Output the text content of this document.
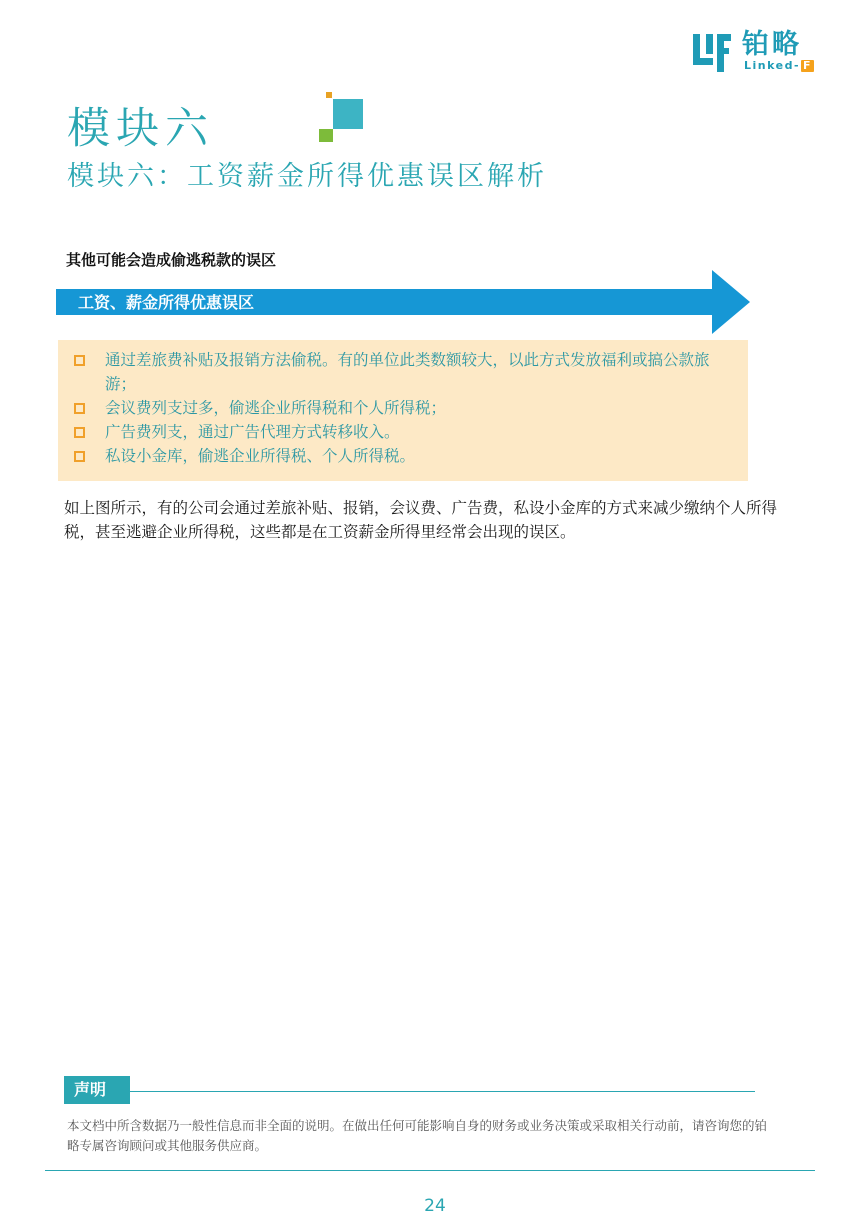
铂略
Linked- F
模块六
模块六：工资薪金所得优惠误区解析
其他可能会造成偷逃税款的误区
工资、薪金所得优惠误区
通过差旅费补贴及报销方法偷税。有的单位此类数额较大，以此方式发放福利或搞公款旅游；
会议费列支过多，偷逃企业所得税和个人所得税；
广告费列支，通过广告代理方式转移收入。
私设小金库，偷逃企业所得税、个人所得税。
如上图所示，有的公司会通过差旅补贴、报销，会议费、广告费，私设小金库的方式来减少缴纳个人所得税，甚至逃避企业所得税，这些都是在工资薪金所得里经常会出现的误区。
声明
本文档中所含数据乃一般性信息而非全面的说明。在做出任何可能影响自身的财务或业务决策或采取相关行动前，请咨询您的铂略专属咨询顾问或其他服务供应商。
24
